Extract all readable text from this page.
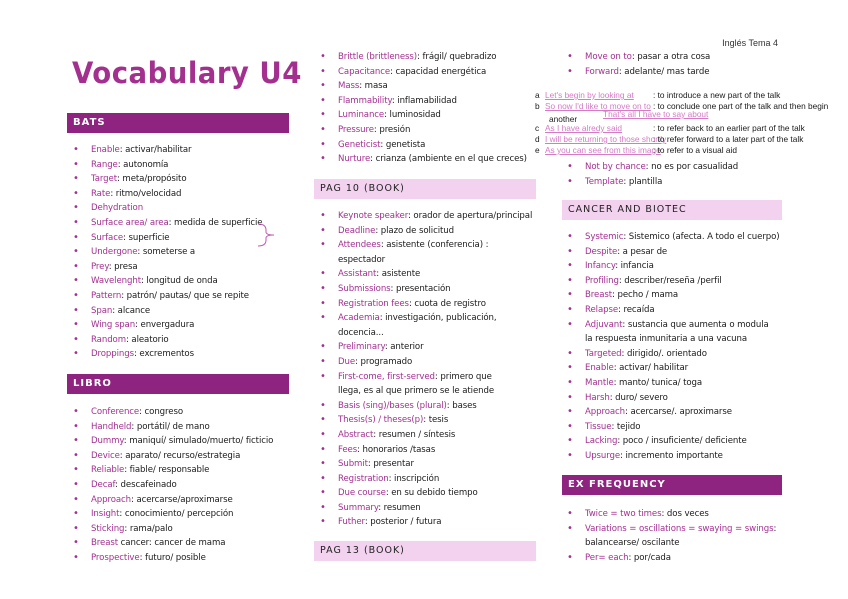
Inglés Tema 4
Vocabulary U4
BATS
• Enable: activar/habilitar
• Range: autonomía
• Target: meta/propósito
• Rate: ritmo/velocidad
• Dehydration
• Surface area/ area: medida de superficie
• Surface: superficie
• Undergone: someterse a
• Prey: presa
• Wavelenght: longitud de onda
• Pattern: patrón/ pautas/ que se repite
• Span: alcance
• Wing span: envergadura
• Random: aleatorio
• Droppings: excrementos
LIBRO
• Conference: congreso
• Handheld: portátil/ de mano
• Dummy: maniquí/ simulado/muerto/ ficticio
• Device: aparato/ recurso/estrategia
• Reliable: fiable/ responsable
• Decaf: descafeinado
• Approach: acercarse/aproximarse
• Insight: conocimiento/ percepción
• Sticking: rama/palo
• Breast cancer: cancer de mama
• Prospective: futuro/ posible
• Brittle (brittleness): frágil/ quebradizo
• Capacitance: capacidad energética
• Mass: masa
• Flammability: inflamabilidad
• Luminance: luminosidad
• Pressure: presión
• Geneticist: genetista
• Nurture: crianza (ambiente en el que creces)
PAG 10 (BOOK)
• Keynote speaker: orador de apertura/principal
• Deadline: plazo de solicitud
• Attendees: asistente (conferencia) : espectador
• Assistant: asistente
• Submissions: presentación
• Registration fees: cuota de registro
• Academia: investigación, publicación, docencia...
• Preliminary: anterior
• Due: programado
• First-come, first-served: primero que llega, es al que primero se le atiende
• Basis (sing)/bases (plural): bases
• Thesis(s) / theses(p): tesis
• Abstract: resumen / síntesis
• Fees: honorarios /tasas
• Submit: presentar
• Registration: inscripción
• Due course: en su debido tiempo
• Summary: resumen
• Futher: posterior / futura
PAG 13 (BOOK)
• Move on to: pasar a otra cosa
• Forward: adelante/ mas tarde
a Let's begin by looking at : to introduce a new part of the talk
b So now I'd like to move on to : to conclude one part of the talk and then begin
another	That's all I have to say about
c As I have alredy said	: to refer back to an earlier part of the talk
d I will be returning to those shortly: to refer forward to a later part of the talk
e As you can see from this image: to refer to a visual aid
• Not by chance: no es por casualidad
• Template: plantilla
CANCER AND BIOTEC
• Systemic: Sistemico (afecta. A todo el cuerpo)
• Despite: a pesar de
• Infancy: infancia
• Profiling: describer/reseña /perfil
• Breast: pecho / mama
• Relapse: recaída
• Adjuvant: sustancia que aumenta o modula la respuesta inmunitaria a una vacuna
• Targeted: dirigido/. orientado
• Enable: activar/ habilitar
• Mantle: manto/ tunica/ toga
• Harsh: duro/ severo
• Approach: acercarse/. aproximarse
• Tissue: tejido
• Lacking: poco / insuficiente/ deficiente
• Upsurge: incremento importante
EX FREQUENCY
• Twice = two times: dos veces
• Variations = oscillations = swaying = swings: balancearse/ oscilante
• Per= each: por/cada
